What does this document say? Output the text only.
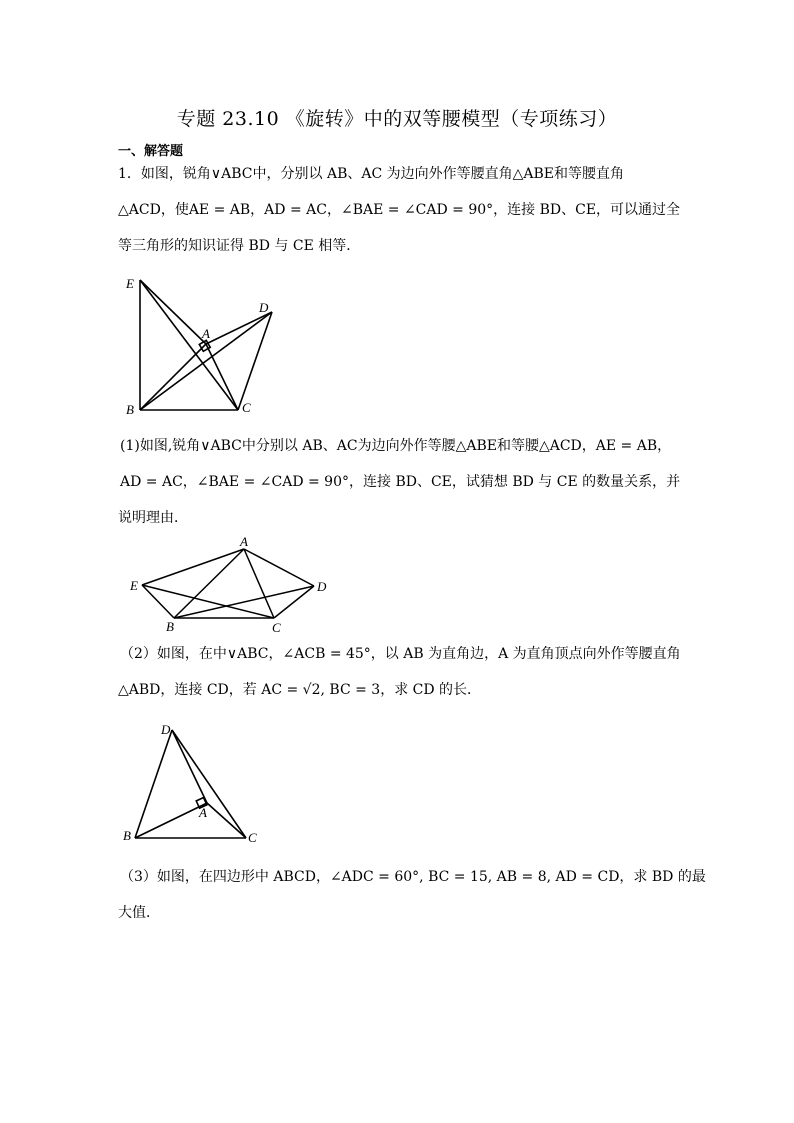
专题 23.10 《旋转》中的双等腰模型（专项练习）
一、解答题
1．如图，锐角∨ABC中，分别以 AB、AC 为边向外作等腰直角△ABE和等腰直角
△ACD，使AE = AB，AD = AC，∠BAE = ∠CAD = 90°，连接 BD、CE，可以通过全
等三角形的知识证得 BD 与 CE 相等．
E
A
D
B	C
(1)如图,锐角∨ABC中分别以 AB、AC为边向外作等腰△ABE和等腰△ACD，AE = AB，
AD = AC，∠BAE = ∠CAD = 90°，连接 BD、CE，试猜想 BD 与 CE 的数量关系，并
说明理由．
A
E	D
B	C
（2）如图，在中∨ABC，∠ACB = 45°，以 AB 为直角边，A 为直角顶点向外作等腰直角
△ABD，连接 CD，若 AC = √2, BC = 3，求 CD 的长．
D
A
B	C
（3）如图，在四边形中 ABCD，∠ADC = 60°, BC = 15, AB = 8, AD = CD，求 BD 的最
大值．
